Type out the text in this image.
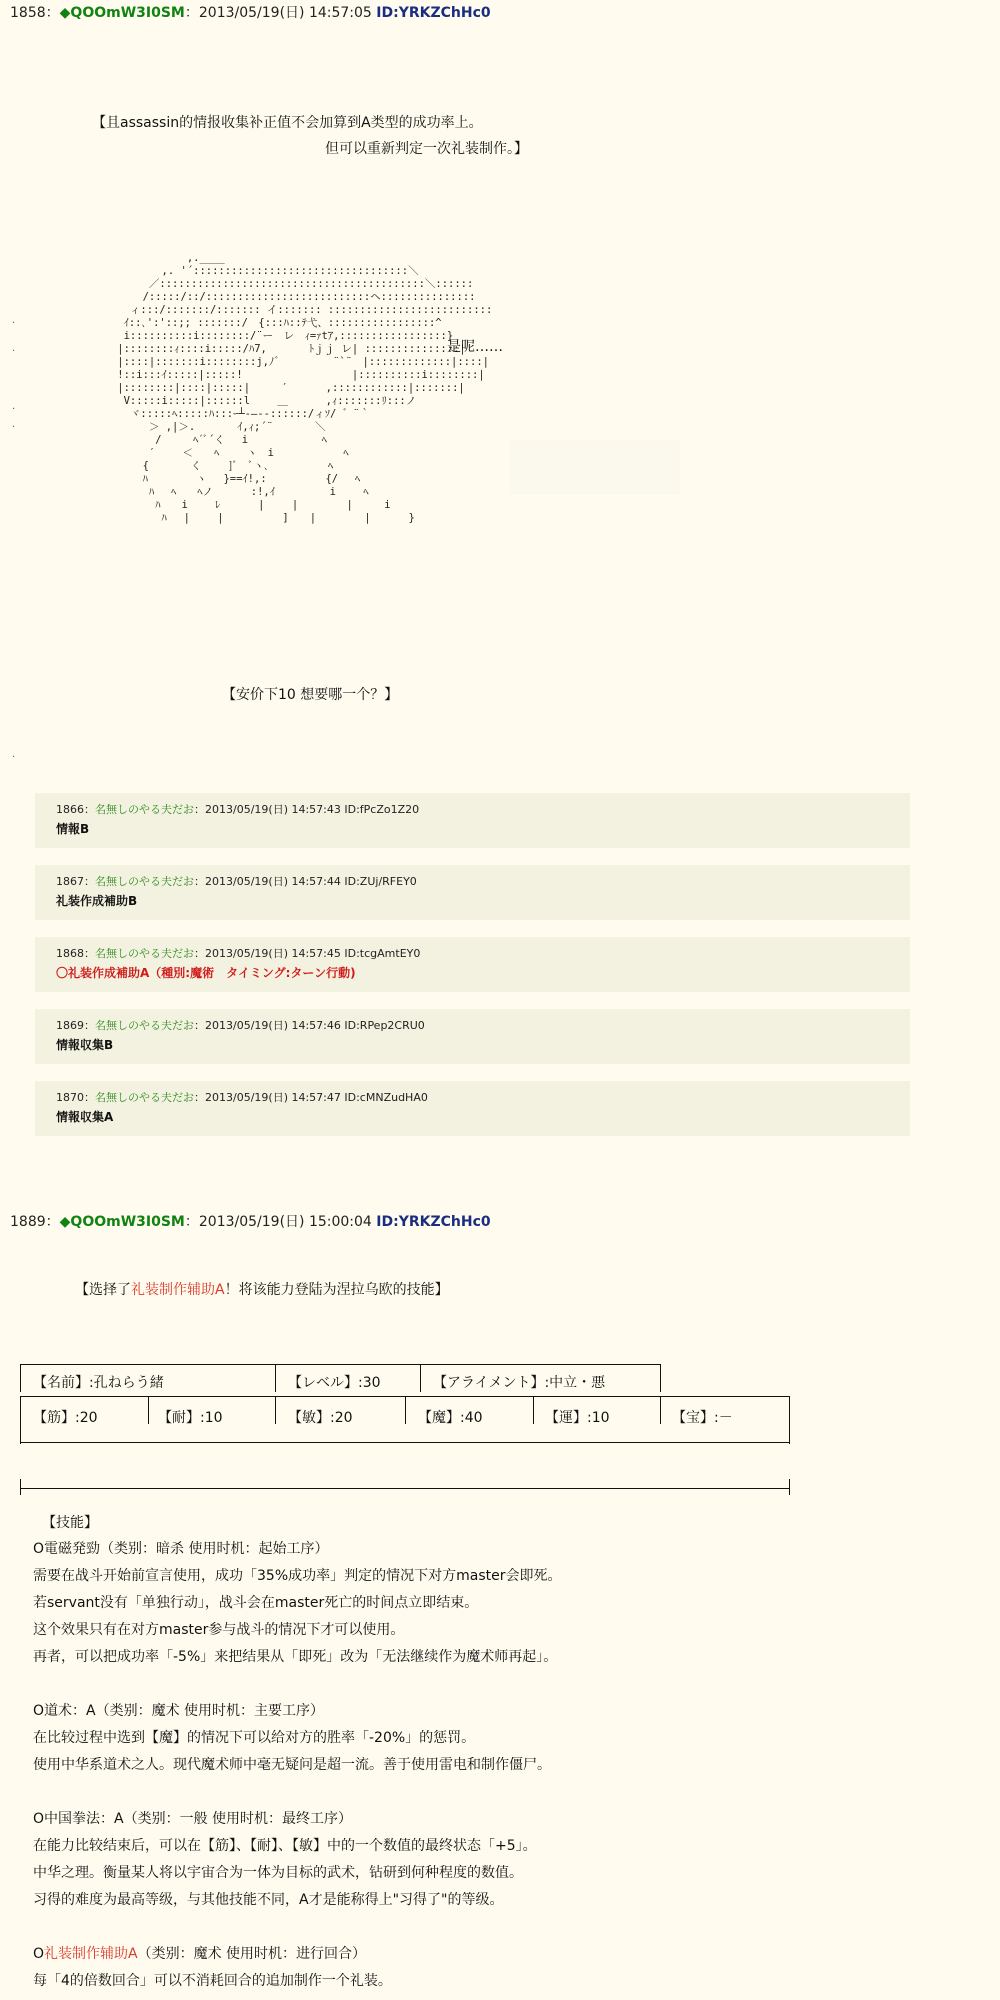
1858：◆QOOmW3I0SM：2013/05/19(日) 14:57:05 ID:YRKZChHc0
【且assassin的情报收集补正值不会加算到A类型的成功率上。
但可以重新判定一次礼装制作。】
,.____
,. '´::::::::::::::::::::::::::::::::::＼
／::::::::::::::::::::::::::::::::::::::::::＼::::::
/:::::/::/::::::::::::::::::::::::::ヘ:::::::::::::::
ィ:::/:::::::/::::::: イ::::::: ::::::::::::::::::::::::::
ｲ::､':'::;; :::::::/　{:::ﾊ::ﾃ弋、:::::::::::::::::^
i::::::::::i::::::::/¨ー　レ　ｨ=ｧtｱ,:::::::::::::::::}
|::::::::ｨ::::i:::::/ﾊ7,　　　　ﾄｊｊ レ| :::::::::::::::|
|::::|:::::::i::::::::j,ﾉ゛ 　　　　¨`¨　|:::::::::::::|::::|
!::i:::ｲ:::::|:::::!   　　　　　　　　 |::::::::::i::::::::|
|::::::::|::::|:::::|　　　′　　　 ,::::::::::::|:::::::|
V:::::i:::::|::::::l　　 ＿　　　 ,ｨ:::::::ﾘ:::ノ
ヾ:::::ﾍ:::::ﾊ:::ｰ┴-―-‐::::::/ィｿ/ ゛¨｀
＞ ,|＞.　　　　ｲ,ｨ;´¨　　　　＼
/　　　ﾍ´ﾞ´く　 i　　　　　　　ﾍ
′　　 ＜　　ﾍ　　 ヽ　i　　　　　　 ﾍ
{　　　　く　　 ]ﾞ　ﾞヽ､　　　　　 ﾍ
ﾊ　　　　 ヽ　 }==ｲ!,:　　　　　 {/　 ﾍ
ﾊ　 ﾍ　　ﾍノ　　　 :!,ｲ　　　 　 i　　 ﾍ
ﾊ　　i　　 ﾚ　　　 |　　 |　　　　 |　　　i
ﾊ　 |　　 |　　　　　 ]　　|　　　　 |　　　 }
是呢……
·
·
·
·
·
【安价下10 想要哪一个？】
1866：名無しのやる夫だお：2013/05/19(日) 14:57:43 ID:fPcZo1Z20
情報B
1867：名無しのやる夫だお：2013/05/19(日) 14:57:44 ID:ZUj/RFEY0
礼装作成補助B
1868：名無しのやる夫だお：2013/05/19(日) 14:57:45 ID:tcgAmtEY0
〇礼装作成補助A（種別:魔術　タイミング:ターン行動)
1869：名無しのやる夫だお：2013/05/19(日) 14:57:46 ID:RPep2CRU0
情報収集B
1870：名無しのやる夫だお：2013/05/19(日) 14:57:47 ID:cMNZudHA0
情報収集A
1889：◆QOOmW3I0SM：2013/05/19(日) 15:00:04 ID:YRKZChHc0
【选择了礼装制作辅助A！将该能力登陆为涅拉乌欧的技能】
【名前】:孔ねらう緒	【レベル】:30	【アライメント】:中立・悪
【筋】:20	【耐】:10	【敏】:20	【魔】:40	【運】:10	【宝】:－
【技能】
O電磁発勁（类别：暗杀 使用时机：起始工序）
需要在战斗开始前宣言使用，成功「35%成功率」判定的情况下对方master会即死。
若servant没有「单独行动」，战斗会在master死亡的时间点立即结束。
这个效果只有在对方master参与战斗的情况下才可以使用。
再者，可以把成功率「-5%」来把结果从「即死」改为「无法继续作为魔术师再起」。
O道术：A（类别：魔术 使用时机：主要工序）
在比较过程中选到【魔】的情况下可以给对方的胜率「-20%」的惩罚。
使用中华系道术之人。现代魔术师中毫无疑问是超一流。善于使用雷电和制作僵尸。
O中国拳法：A（类别：一般 使用时机：最终工序）
在能力比较结束后，可以在【筋】、【耐】、【敏】中的一个数值的最终状态「+5」。
中华之理。衡量某人将以宇宙合为一体为目标的武术，钻研到何种程度的数值。
习得的难度为最高等级，与其他技能不同，A才是能称得上"习得了"的等级。
O礼装制作辅助A（类别：魔术 使用时机：进行回合）
每「4的倍数回合」可以不消耗回合的追加制作一个礼装。
